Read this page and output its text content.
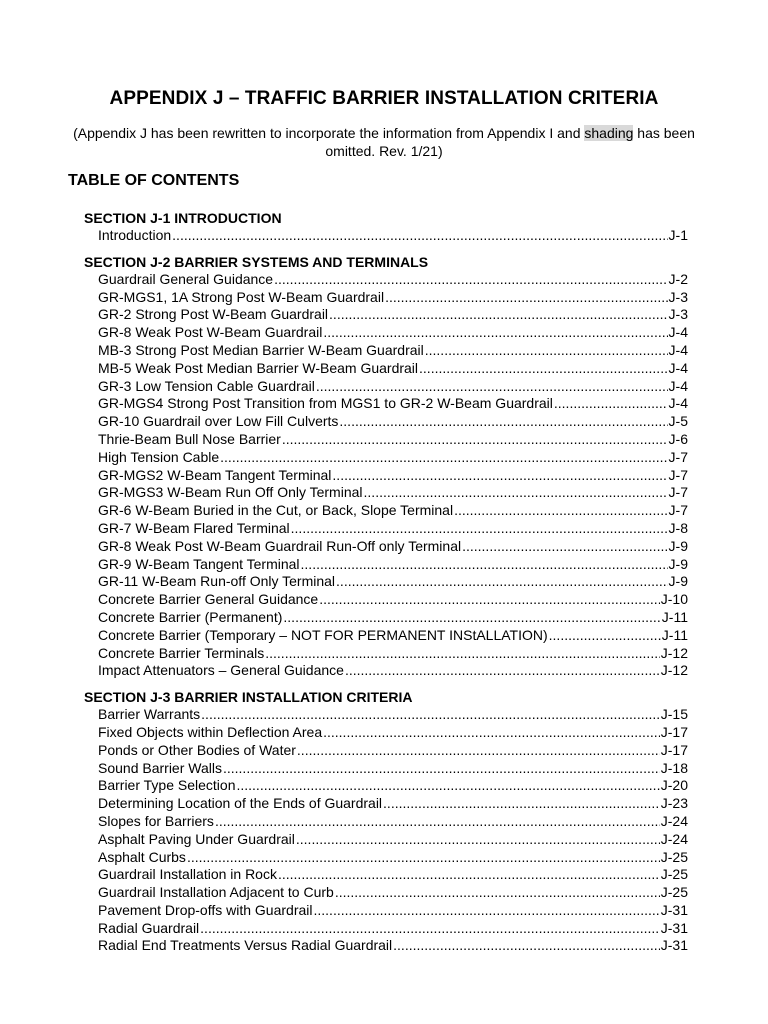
APPENDIX J – TRAFFIC BARRIER INSTALLATION CRITERIA
(Appendix J has been rewritten to incorporate the information from Appendix I and shading has been omitted. Rev. 1/21)
TABLE OF CONTENTS
SECTION J-1 INTRODUCTION
Introduction .....	J-1
SECTION J-2 BARRIER SYSTEMS AND TERMINALS
Guardrail General Guidance .....	J-2
GR-MGS1, 1A Strong Post W-Beam Guardrail .....	J-3
GR-2 Strong Post W-Beam Guardrail .....	J-3
GR-8 Weak Post W-Beam Guardrail .....	J-4
MB-3 Strong Post Median Barrier W-Beam Guardrail .....	J-4
MB-5 Weak Post Median Barrier W-Beam Guardrail .....	J-4
GR-3 Low Tension Cable Guardrail .....	J-4
GR-MGS4 Strong Post Transition from MGS1 to GR-2 W-Beam Guardrail .....	J-4
GR-10 Guardrail over Low Fill Culverts .....	J-5
Thrie-Beam Bull Nose Barrier .....	J-6
High Tension Cable .....	J-7
GR-MGS2 W-Beam Tangent Terminal .....	J-7
GR-MGS3 W-Beam Run Off Only Terminal .....	J-7
GR-6 W-Beam Buried in the Cut, or Back, Slope Terminal .....	J-7
GR-7 W-Beam Flared Terminal .....	J-8
GR-8 Weak Post W-Beam Guardrail Run-Off only Terminal .....	J-9
GR-9 W-Beam Tangent Terminal .....	J-9
GR-11 W-Beam Run-off Only Terminal .....	J-9
Concrete Barrier General Guidance .....	J-10
Concrete Barrier (Permanent) .....	J-11
Concrete Barrier (Temporary – NOT FOR PERMANENT INStALLATION) .....	J-11
Concrete Barrier Terminals .....	J-12
Impact Attenuators – General Guidance .....	J-12
SECTION J-3 BARRIER INSTALLATION CRITERIA
Barrier Warrants .....	J-15
Fixed Objects within Deflection Area .....	J-17
Ponds or Other Bodies of Water .....	J-17
Sound Barrier Walls .....	J-18
Barrier Type Selection .....	J-20
Determining Location of the Ends of Guardrail .....	J-23
Slopes for Barriers .....	J-24
Asphalt Paving Under Guardrail .....	J-24
Asphalt Curbs .....	J-25
Guardrail Installation in Rock .....	J-25
Guardrail Installation Adjacent to Curb .....	J-25
Pavement Drop-offs with Guardrail .....	J-31
Radial Guardrail .....	J-31
Radial End Treatments Versus Radial Guardrail .....	J-31
